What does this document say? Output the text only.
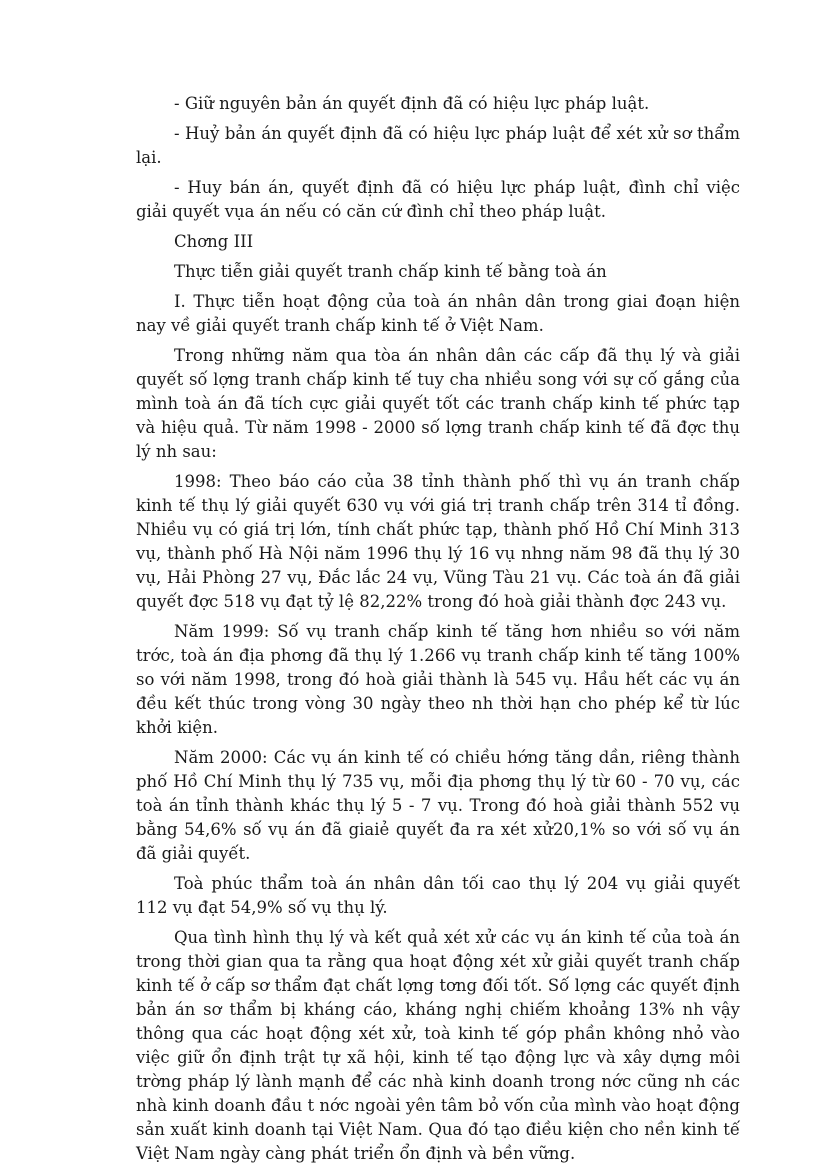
- Giữ nguyên bản án quyết định đã có hiệu lực pháp luật.

- Huỷ bản án quyết định đã có hiệu lực pháp luật để xét xử sơ thẩm lại.

- Huy bán án, quyết định đã có hiệu lực pháp luật, đình chỉ việc giải quyết vụa án nếu có căn cứ đình chỉ theo pháp luật.

Chơng III

Thực tiễn giải quyết tranh chấp kinh tế bằng toà án

I. Thực tiễn hoạt động của toà án nhân dân trong giai đoạn hiện nay về giải quyết tranh chấp kinh tế ở Việt Nam.

Trong những năm qua tòa án nhân dân các cấp đã thụ lý và giải quyết số lợng tranh chấp kinh tế tuy cha nhiều song với sự cố gắng của mình toà án đã tích cực giải quyết tốt các tranh chấp kinh tế phức tạp và hiệu quả. Từ năm 1998 - 2000 số lợng tranh chấp kinh tế đã đợc thụ lý nh sau:

1998: Theo báo cáo của 38 tỉnh thành phố thì vụ án tranh chấp kinh tế thụ lý giải quyết 630 vụ với giá trị tranh chấp trên 314 tỉ đồng. Nhiều vụ có giá trị lớn, tính chất phức tạp, thành phố Hồ Chí Minh 313 vụ, thành phố Hà Nội năm 1996 thụ lý 16 vụ nhng năm 98 đã thụ lý 30 vụ, Hải Phòng 27 vụ, Đắc lắc 24 vụ, Vũng Tàu 21 vụ. Các toà án đã giải quyết đợc 518 vụ đạt tỷ lệ 82,22% trong đó hoà giải thành đợc 243 vụ.

Năm 1999: Số vụ tranh chấp kinh tế tăng hơn nhiều so với năm trớc, toà án địa phơng đã thụ lý 1.266 vụ tranh chấp kinh tế tăng 100% so với năm 1998, trong đó hoà giải thành là 545 vụ. Hầu hết các vụ án đều kết thúc trong vòng 30 ngày theo nh thời hạn cho phép kể từ lúc khởi kiện.

Năm 2000: Các vụ án kinh tế có chiều hớng tăng dần, riêng thành phố Hồ Chí Minh thụ lý 735 vụ, mỗi địa phơng thụ lý từ 60 - 70 vụ, các toà án tỉnh thành khác thụ lý 5 - 7 vụ. Trong đó hoà giải thành 552 vụ bằng 54,6% số vụ án đã giaiẻ quyết đa ra xét xử20,1% so với số vụ án đã giải quyết.

Toà phúc thẩm toà án nhân dân tối cao thụ lý 204 vụ giải quyết 112 vụ đạt 54,9% số vụ thụ lý.

Qua tình hình thụ lý và kết quả xét xử các vụ án kinh tế của toà án trong thời gian qua ta rằng qua hoạt động xét xử giải quyết tranh chấp kinh tế ở cấp sơ thẩm đạt chất lợng tơng đối tốt. Số lợng các quyết định bản án sơ thẩm bị kháng cáo, kháng nghị chiếm khoảng 13% nh vậy thông qua các hoạt động xét xử, toà kinh tế góp phần không nhỏ vào việc giữ ổn định trật tự xã hội, kinh tế tạo động lực và xây dựng môi trờng pháp lý lành mạnh để các nhà kinh doanh trong nớc cũng nh các nhà kinh doanh đầu t nớc ngoài yên tâm bỏ vốn của mình vào hoạt động sản xuất kinh doanh tại Việt Nam. Qua đó tạo điều kiện cho nền kinh tế Việt Nam ngày càng phát triển ổn định và bền vững.
